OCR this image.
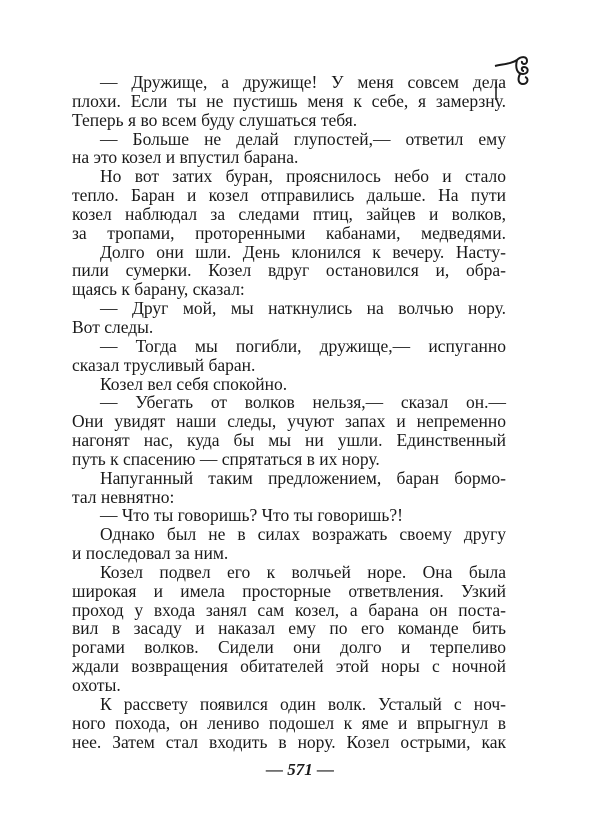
— Дружище, а дружище! У меня совсем дела
плохи. Если ты не пустишь меня к себе, я замерзну.
Теперь я во всем буду слушаться тебя.
— Больше не делай глупостей,— ответил ему
на это козел и впустил барана.
Но вот затих буран, прояснилось небо и стало
тепло. Баран и козел отправились дальше. На пути
козел наблюдал за следами птиц, зайцев и волков,
за тропами, проторенными кабанами, медведями.
Долго они шли. День клонился к вечеру. Насту-
пили сумерки. Козел вдруг остановился и, обра-
щаясь к барану, сказал:
— Друг мой, мы наткнулись на волчью нору.
Вот следы.
— Тогда мы погибли, дружище,— испуганно
сказал трусливый баран.
Козел вел себя спокойно.
— Убегать от волков нельзя,— сказал он.—
Они увидят наши следы, учуют запах и непременно
нагонят нас, куда бы мы ни ушли. Единственный
путь к спасению — спрятаться в их нору.
Напуганный таким предложением, баран бормо-
тал невнятно:
— Что ты говоришь? Что ты говоришь?!
Однако был не в силах возражать своему другу
и последовал за ним.
Козел подвел его к волчьей норе. Она была
широкая и имела просторные ответвления. Узкий
проход у входа занял сам козел, а барана он поста-
вил в засаду и наказал ему по его команде бить
рогами волков. Сидели они долго и терпеливо
ждали возвращения обитателей этой норы с ночной
охоты.
К рассвету появился один волк. Усталый с ноч-
ного похода, он лениво подошел к яме и впрыгнул в
нее. Затем стал входить в нору. Козел острыми, как
— 571 —
